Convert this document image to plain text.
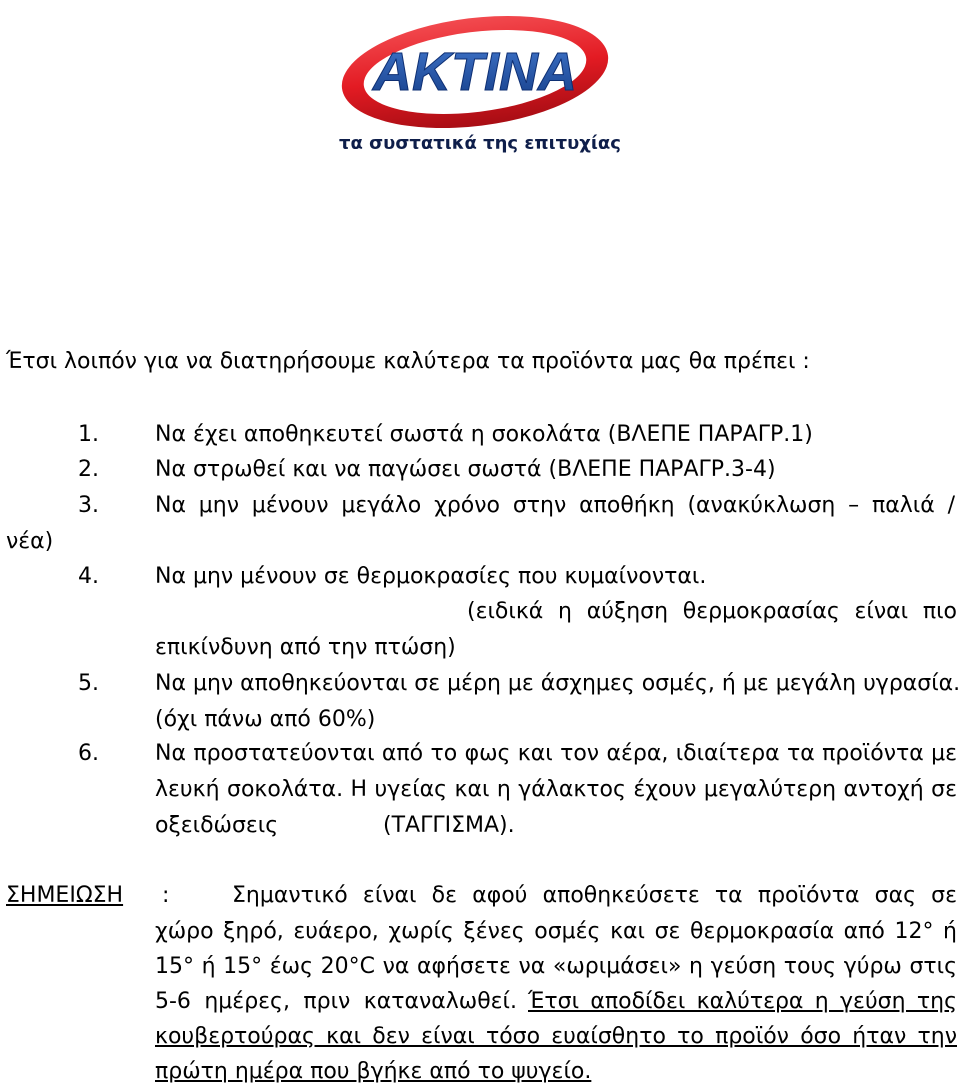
AKTINA
τα συστατικά της επιτυχίας
Έτσι λοιπόν για να διατηρήσουμε καλύτερα τα προϊόντα μας θα πρέπει :
1.	Να έχει αποθηκευτεί σωστά η σοκολάτα (ΒΛΕΠΕ ΠΑΡΑΓΡ.1)
2.	Να στρωθεί και να παγώσει σωστά (ΒΛΕΠΕ ΠΑΡΑΓΡ.3-4)
3.	Να μην μένουν μεγάλο χρόνο στην αποθήκη (ανακύκλωση – παλιά /
νέα)
4.	Να μην μένουν σε θερμοκρασίες που κυμαίνονται.
(ειδικά η αύξηση θερμοκρασίας είναι πιο
επικίνδυνη από την πτώση)
5.	Να μην αποθηκεύονται σε μέρη με άσχημες οσμές, ή με μεγάλη υγρασία.
(όχι πάνω από 60%)
6.	Να προστατεύονται από το φως και τον αέρα, ιδιαίτερα τα προϊόντα με
λευκή σοκολάτα. Η υγείας και η γάλακτος έχουν μεγαλύτερη αντοχή σε
οξειδώσεις	(ΤΑΓΓΙΣΜΑ).
ΣΗΜΕΙΩΣΗ :	Σημαντικό είναι δε αφού αποθηκεύσετε τα προϊόντα σας σε
χώρο ξηρό, ευάερο, χωρίς ξένες οσμές και σε θερμοκρασία από 12° ή
15° ή 15° έως 20°C να αφήσετε να «ωριμάσει» η γεύση τους γύρω στις
5-6 ημέρες, πριν καταναλωθεί. Έτσι αποδίδει καλύτερα η γεύση της
κουβερτούρας και δεν είναι τόσο ευαίσθητο το προϊόν όσο ήταν την
πρώτη ημέρα που βγήκε από το ψυγείο.
